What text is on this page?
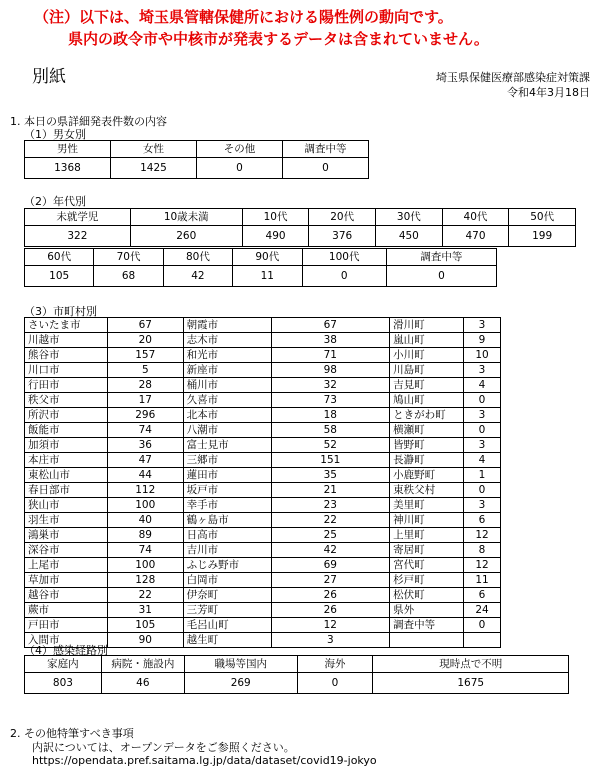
（注）以下は、埼玉県管轄保健所における陽性例の動向です。
県内の政令市や中核市が発表するデータは含まれていません。
別紙	埼玉県保健医療部感染症対策課
令和4年3月18日
1. 本日の県詳細発表件数の内容
（1）男女別
男性	女性	その他	調査中等
1368	1425	0	0
（2）年代別
未就学児	10歳未満	10代	20代	30代	40代	50代
322	260	490	376	450	470	199
60代	70代	80代	90代	100代	調査中等
105	68	42	11	0	0
（3）市町村別
さいたま市	67	朝霞市	67	滑川町	3
川越市	20	志木市	38	嵐山町	9
熊谷市	157	和光市	71	小川町	10
川口市	5	新座市	98	川島町	3
行田市	28	桶川市	32	吉見町	4
秩父市	17	久喜市	73	鳩山町	0
所沢市	296	北本市	18	ときがわ町	3
飯能市	74	八潮市	58	横瀬町	0
加須市	36	富士見市	52	皆野町	3
本庄市	47	三郷市	151	長瀞町	4
東松山市	44	蓮田市	35	小鹿野町	1
春日部市	112	坂戸市	21	東秩父村	0
狭山市	100	幸手市	23	美里町	3
羽生市	40	鶴ヶ島市	22	神川町	6
鴻巣市	89	日高市	25	上里町	12
深谷市	74	吉川市	42	寄居町	8
上尾市	100	ふじみ野市	69	宮代町	12
草加市	128	白岡市	27	杉戸町	11
越谷市	22	伊奈町	26	松伏町	6
蕨市	31	三芳町	26	県外	24
戸田市	105	毛呂山町	12	調査中等	0
入間市	90	越生町	3		
（4）感染経路別
家庭内	病院・施設内	職場等国内	海外	現時点で不明
803	46	269	0	1675
2. その他特筆すべき事項
内訳については、オープンデータをご参照ください。
https://opendata.pref.saitama.lg.jp/data/dataset/covid19-jokyo
